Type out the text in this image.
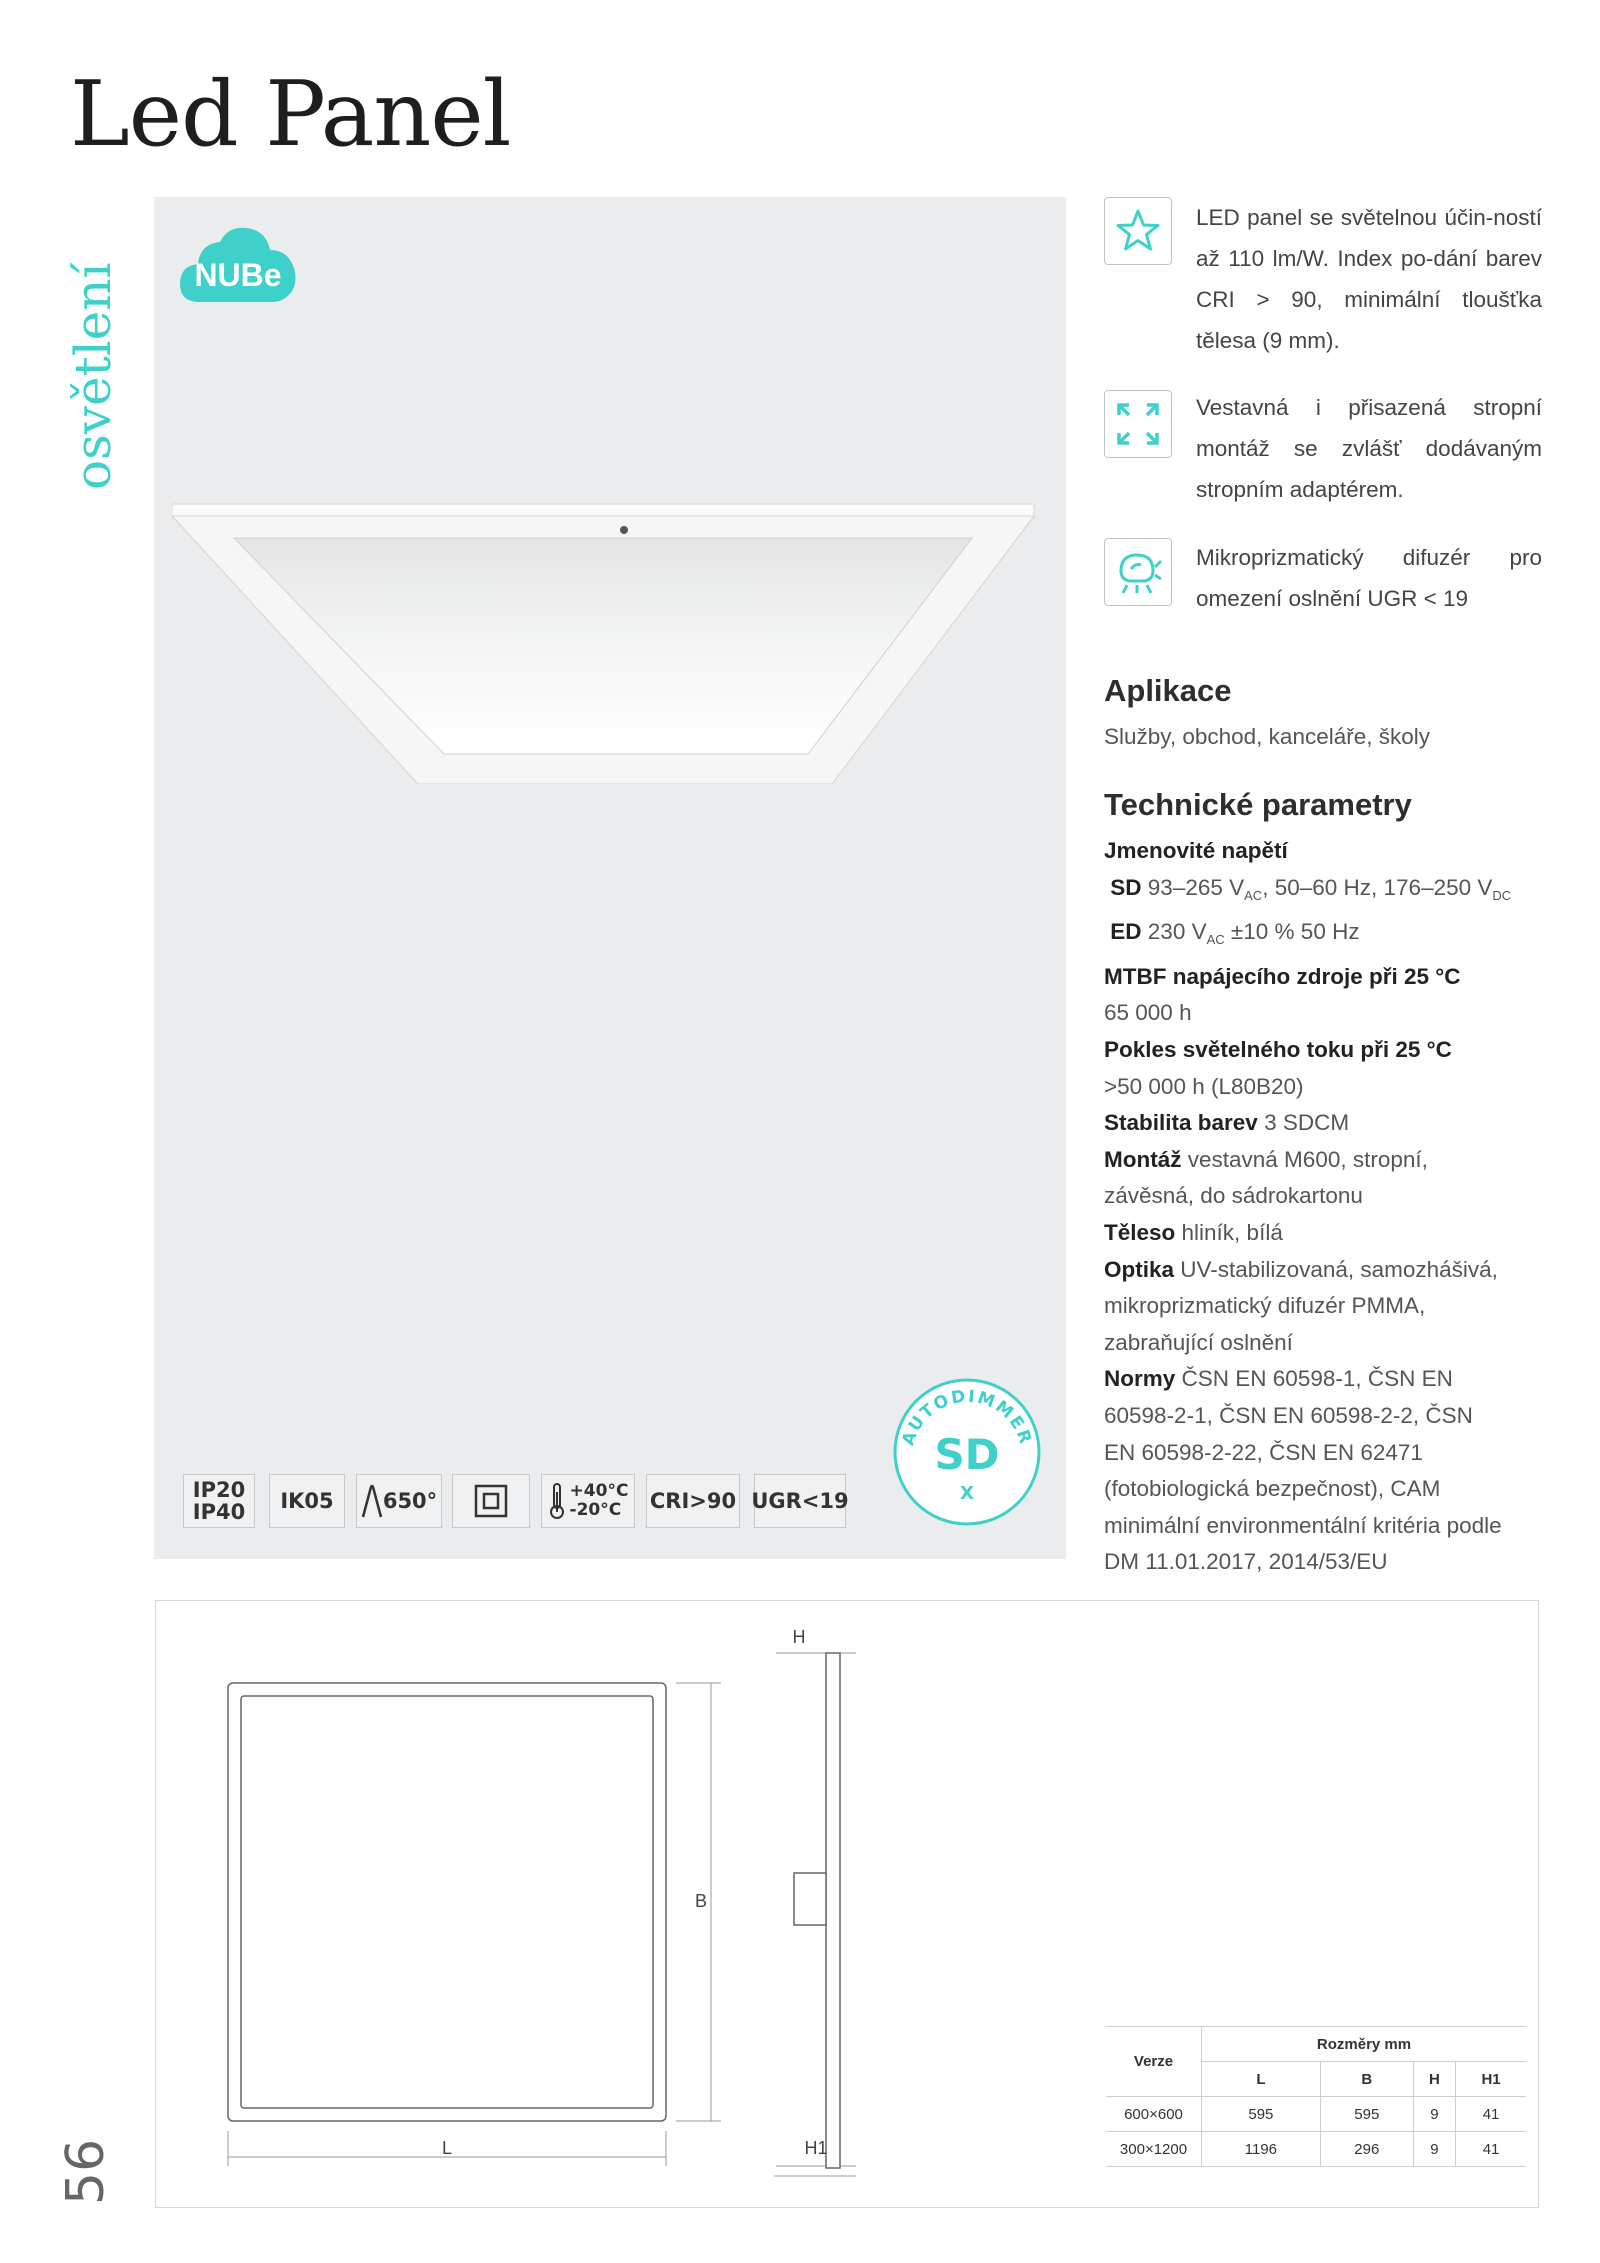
Led Panel
osvětlení
56
NUBe
AUTODIMMER
SD
X
IP20
IP40	IK05	650°	+40°C
-20°C	CRI>90 UGR<19
LED panel se světelnou účin-ností až 110 lm/W. Index po-dání barev CRI > 90, minimální tloušťka tělesa (9 mm).
Vestavná i přisazená stropní montáž se zvlášť dodávaným stropním adaptérem.
Mikroprizmatický difuzér pro omezení oslnění UGR < 19
Aplikace
Služby, obchod, kanceláře, školy
Technické parametry
Jmenovité napětí
SD 93–265 $V_{AC}$, 50–60 Hz, 176–250 $V_{DC}$
ED 230 $V_{AC} \pm 10$ % 50 Hz
MTBF napájecího zdroje při 25 °C
65 000 h
Pokles světelného toku při 25 °C
>50 000 h (L80B20)
Stabilita barev 3 SDCM
Montáž vestavná M600, stropní,
závěsná, do sádrokartonu
Těleso hliník, bílá
Optika UV-stabilizovaná, samozhášivá,
mikroprizmatický difuzér PMMA,
zabraňující oslnění
Normy ČSN EN 60598-1, ČSN EN
60598-2-1, ČSN EN 60598-2-2, ČSN
EN 60598-2-22, ČSN EN 62471
(fotobiologická bezpečnost), CAM
minimální environmentální kritéria podle
DM 11.01.2017, 2014/53/EU
L
B
H
H1
Verze	Rozměry mm			
	L	B	H	H1
600×600	595	595	9	41
300×1200	1196	296	9	41
